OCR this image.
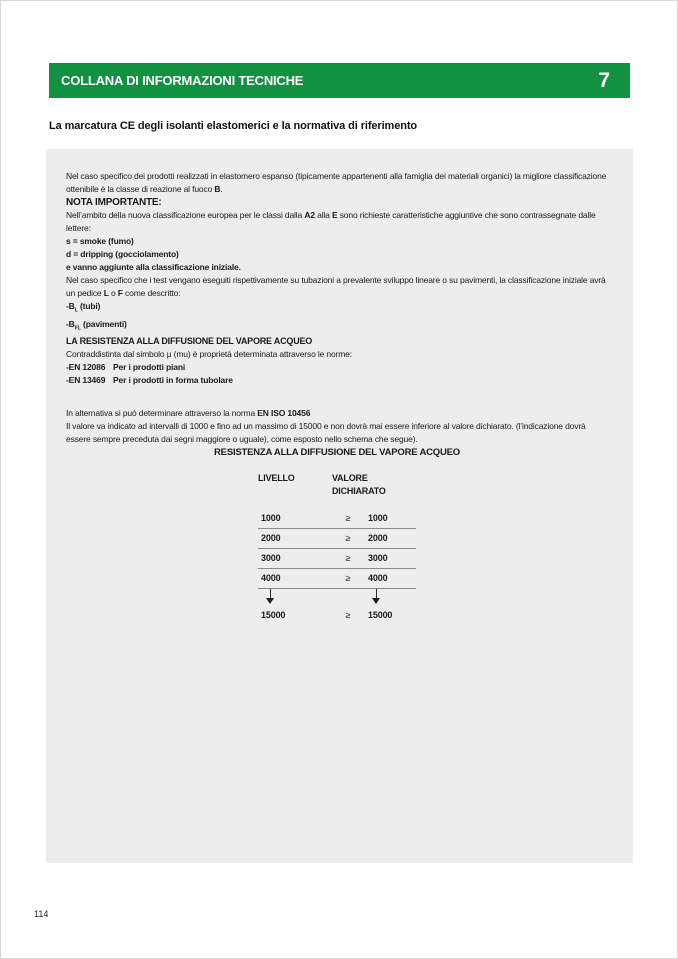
COLLANA DI INFORMAZIONI TECNICHE	7
La marcatura CE degli isolanti elastomerici e la normativa di riferimento

Nel caso specifico dei prodotti realizzati in elastomero espanso (tipicamente appartenenti alla famiglia dei materiali organici) la migliore classificazione ottenibile è la classe di reazione al fuoco B.

NOTA IMPORTANTE:

Nell’ambito della nuova classificazione europea per le classi dalla A2 alla E sono richieste caratteristiche aggiuntive che sono contrassegnate dalle lettere:

s = smoke (fumo)

d = dripping (gocciolamento)

e vanno aggiunte alla classificazione iniziale.

Nel caso specifico che i test vengano eseguiti rispettivamente su tubazioni a prevalente sviluppo lineare o su pavimenti, la classificazione iniziale avrà un pedice L o F come descritto:

$-B_L$ (tubi)

$-B_{FL}$ (pavimenti)

LA RESISTENZA ALLA DIFFUSIONE DEL VAPORE ACQUEO

Contraddistinta dal simbolo μ (mu) è proprietà determinata attraverso le norme:

-EN 12086 Per i prodotti piani

-EN 13469 Per i prodotti in forma tubolare

In alternativa si può determinare attraverso la norma EN ISO 10456

Il valore va indicato ad intervalli di 1000 e fino ad un massimo di 15000 e non dovrà mai essere inferiore al valore dichiarato. (l’indicazione dovrà essere sempre preceduta dai segni maggiore o uguale), come esposto nello schema che segue).

RESISTENZA ALLA DIFFUSIONE DEL VAPORE ACQUEO
LIVELLO	VALORE DICHIARATO
1000	≥	1000
2000	≥	2000
3000	≥	3000
4000	≥	4000
15000	≥	15000
114
